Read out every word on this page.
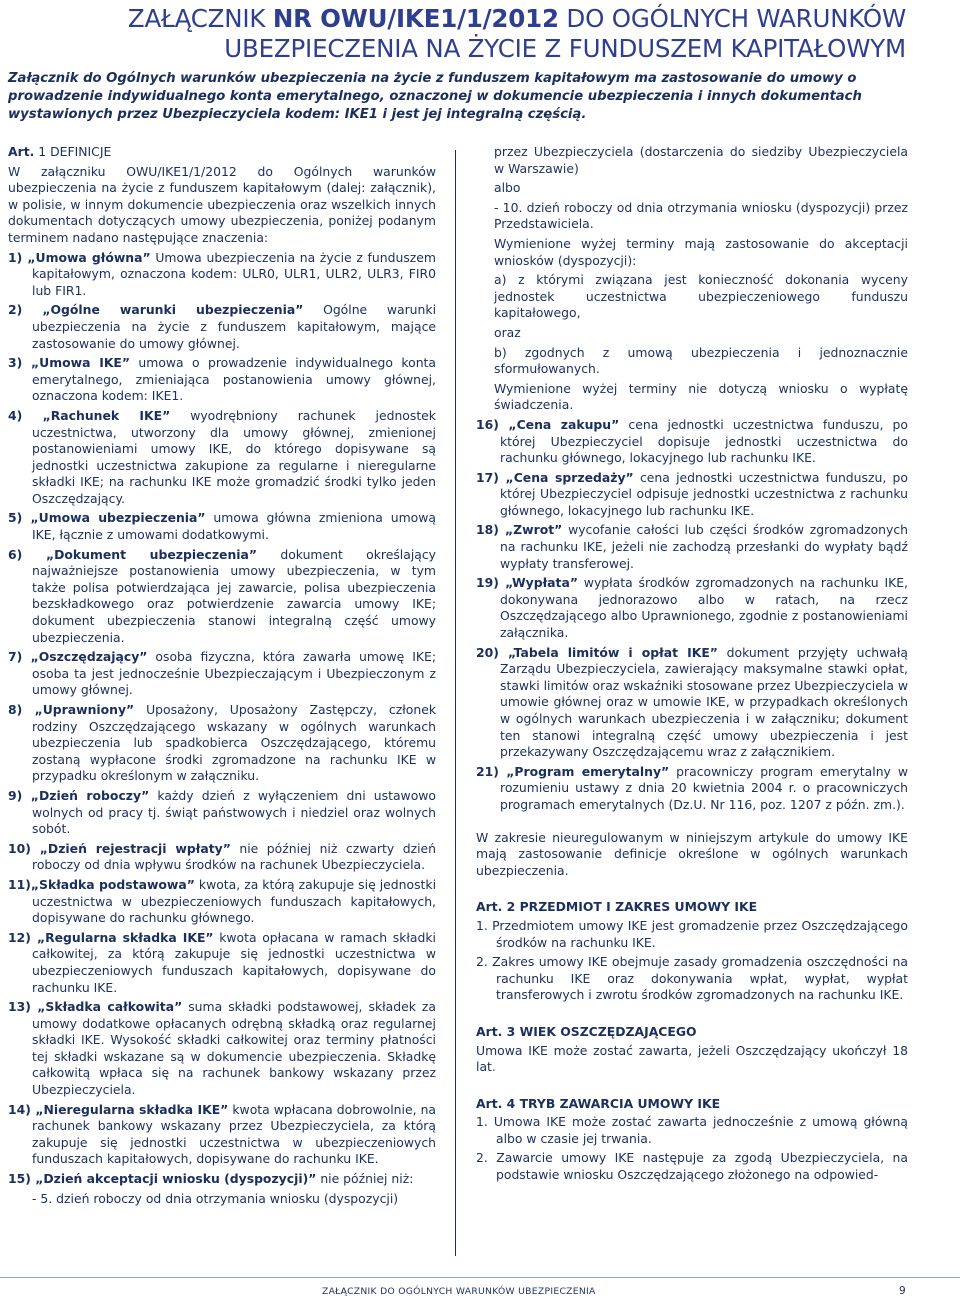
ZAŁĄCZNIK NR OWU/IKE1/1/2012 DO OGÓLNYCH WARUNKÓW
UBEZPIECZENIA NA ŻYCIE Z FUNDUSZEM KAPITAŁOWYM
Załącznik do Ogólnych warunków ubezpieczenia na życie z funduszem kapitałowym ma zastosowanie do umowy o prowadzenie indywidualnego konta emerytalnego, oznaczonej w dokumencie ubezpieczenia i innych dokumentach wystawionych przez Ubezpieczyciela kodem: IKE1 i jest jej integralną częścią.
Art. 1 DEFINICJE
W załączniku OWU/IKE1/1/2012 do Ogólnych warunków ubezpieczenia na życie z funduszem kapitałowym (dalej: załącznik), w polisie, w innym dokumencie ubezpieczenia oraz wszelkich innych dokumentach dotyczących umowy ubezpieczenia, poniżej podanym terminem nadano następujące znaczenia:
1) „Umowa główna” Umowa ubezpieczenia na życie z funduszem kapitałowym, oznaczona kodem: ULR0, ULR1, ULR2, ULR3, FIR0 lub FIR1.
2) „Ogólne warunki ubezpieczenia” Ogólne warunki ubezpieczenia na życie z funduszem kapitałowym, mające zastosowanie do umowy głównej.
3) „Umowa IKE” umowa o prowadzenie indywidualnego konta emerytalnego, zmieniająca postanowienia umowy głównej, oznaczona kodem: IKE1.
4) „Rachunek IKE” wyodrębniony rachunek jednostek uczestnictwa, utworzony dla umowy głównej, zmienionej postanowieniami umowy IKE, do którego dopisywane są jednostki uczestnictwa zakupione za regularne i nieregularne składki IKE; na rachunku IKE może gromadzić środki tylko jeden Oszczędzający.
5) „Umowa ubezpieczenia” umowa główna zmieniona umową IKE, łącznie z umowami dodatkowymi.
6) „Dokument ubezpieczenia” dokument określający najważniejsze postanowienia umowy ubezpieczenia, w tym także polisa potwierdzająca jej zawarcie, polisa ubezpieczenia bezskładkowego oraz potwierdzenie zawarcia umowy IKE; dokument ubezpieczenia stanowi integralną część umowy ubezpieczenia.
7) „Oszczędzający” osoba fizyczna, która zawarła umowę IKE; osoba ta jest jednocześnie Ubezpieczającym i Ubezpieczonym z umowy głównej.
8) „Uprawniony” Uposażony, Uposażony Zastępczy, członek rodziny Oszczędzającego wskazany w ogólnych warunkach ubezpieczenia lub spadkobierca Oszczędzającego, któremu zostaną wypłacone środki zgromadzone na rachunku IKE w przypadku określonym w załączniku.
9) „Dzień roboczy” każdy dzień z wyłączeniem dni ustawowo wolnych od pracy tj. świąt państwowych i niedziel oraz wolnych sobót.
10) „Dzień rejestracji wpłaty” nie później niż czwarty dzień roboczy od dnia wpływu środków na rachunek Ubezpieczyciela.
11)„Składka podstawowa” kwota, za którą zakupuje się jednostki uczestnictwa w ubezpieczeniowych funduszach kapitałowych, dopisywane do rachunku głównego.
12) „Regularna składka IKE” kwota opłacana w ramach składki całkowitej, za którą zakupuje się jednostki uczestnictwa w ubezpieczeniowych funduszach kapitałowych, dopisywane do rachunku IKE.
13) „Składka całkowita” suma składki podstawowej, składek za umowy dodatkowe opłacanych odrębną składką oraz regularnej składki IKE. Wysokość składki całkowitej oraz terminy płatności tej składki wskazane są w dokumencie ubezpieczenia. Składkę całkowitą wpłaca się na rachunek bankowy wskazany przez Ubezpieczyciela.
14) „Nieregularna składka IKE” kwota wpłacana dobrowolnie, na rachunek bankowy wskazany przez Ubezpieczyciela, za którą zakupuje się jednostki uczestnictwa w ubezpieczeniowych funduszach kapitałowych, dopisywane do rachunku IKE.
15) „Dzień akceptacji wniosku (dyspozycji)” nie później niż:
- 5. dzień roboczy od dnia otrzymania wniosku (dyspozycji)
przez Ubezpieczyciela (dostarczenia do siedziby Ubezpieczyciela w Warszawie)
albo
- 10. dzień roboczy od dnia otrzymania wniosku (dyspozycji) przez Przedstawiciela.
Wymienione wyżej terminy mają zastosowanie do akceptacji wniosków (dyspozycji):
a) z którymi związana jest konieczność dokonania wyceny jednostek uczestnictwa ubezpieczeniowego funduszu kapitałowego,
oraz
b) zgodnych z umową ubezpieczenia i jednoznacznie sformułowanych.
Wymienione wyżej terminy nie dotyczą wniosku o wypłatę świadczenia.
16) „Cena zakupu” cena jednostki uczestnictwa funduszu, po której Ubezpieczyciel dopisuje jednostki uczestnictwa do rachunku głównego, lokacyjnego lub rachunku IKE.
17) „Cena sprzedaży” cena jednostki uczestnictwa funduszu, po której Ubezpieczyciel odpisuje jednostki uczestnictwa z rachunku głównego, lokacyjnego lub rachunku IKE.
18) „Zwrot” wycofanie całości lub części środków zgromadzonych na rachunku IKE, jeżeli nie zachodzą przesłanki do wypłaty bądź wypłaty transferowej.
19) „Wypłata” wypłata środków zgromadzonych na rachunku IKE, dokonywana jednorazowo albo w ratach, na rzecz Oszczędzającego albo Uprawnionego, zgodnie z postanowieniami załącznika.
20) „Tabela limitów i opłat IKE” dokument przyjęty uchwałą Zarządu Ubezpieczyciela, zawierający maksymalne stawki opłat, stawki limitów oraz wskaźniki stosowane przez Ubezpieczyciela w umowie głównej oraz w umowie IKE, w przypadkach określonych w ogólnych warunkach ubezpieczenia i w załączniku; dokument ten stanowi integralną część umowy ubezpieczenia i jest przekazywany Oszczędzającemu wraz z załącznikiem.
21) „Program emerytalny” pracowniczy program emerytalny w rozumieniu ustawy z dnia 20 kwietnia 2004 r. o pracowniczych programach emerytalnych (Dz.U. Nr 116, poz. 1207 z późn. zm.).
W zakresie nieuregulowanym w niniejszym artykule do umowy IKE mają zastosowanie definicje określone w ogólnych warunkach ubezpieczenia.
Art. 2 PRZEDMIOT I ZAKRES UMOWY IKE
1. Przedmiotem umowy IKE jest gromadzenie przez Oszczędzającego środków na rachunku IKE.
2. Zakres umowy IKE obejmuje zasady gromadzenia oszczędności na rachunku IKE oraz dokonywania wpłat, wypłat, wypłat transferowych i zwrotu środków zgromadzonych na rachunku IKE.
Art. 3 WIEK OSZCZĘDZAJĄCEGO
Umowa IKE może zostać zawarta, jeżeli Oszczędzający ukończył 18 lat.
Art. 4 TRYB ZAWARCIA UMOWY IKE
1. Umowa IKE może zostać zawarta jednocześnie z umową główną albo w czasie jej trwania.
2. Zawarcie umowy IKE następuje za zgodą Ubezpieczyciela, na podstawie wniosku Oszczędzającego złożonego na odpowied-
ZAŁĄCZNIK DO OGÓLNYCH WARUNKÓW UBEZPIECZENIA	9
